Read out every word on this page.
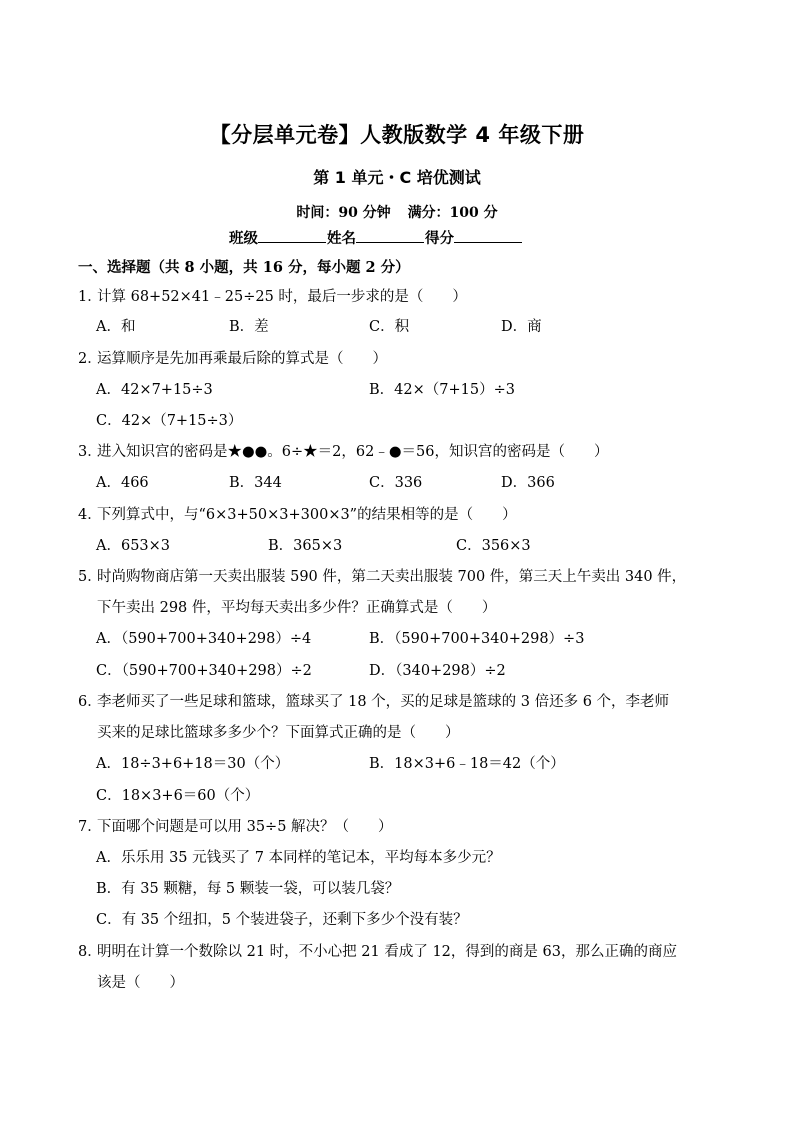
【分层单元卷】人教版数学 4 年级下册
第 1 单元・C 培优测试
时间：90 分钟 满分：100 分
班级	姓名	得分
一、选择题（共 8 小题，共 16 分，每小题 2 分）
1．计算 68+52×41﹣25÷25 时，最后一步求的是（　　）
A．和	B．差	C．积	D．商
2．运算顺序是先加再乘最后除的算式是（　　）
A．42×7+15÷3	B．42×（7+15）÷3
C．42×（7+15÷3）
3．进入知识宫的密码是★●●。6÷★＝2，62﹣●＝56，知识宫的密码是（　　）
A．466	B．344	C．336	D．366
4．下列算式中，与“6×3+50×3+300×3”的结果相等的是（　　）
A．653×3	B．365×3	C．356×3
5．时尚购物商店第一天卖出服装 590 件，第二天卖出服装 700 件，第三天上午卖出 340 件，
下午卖出 298 件，平均每天卖出多少件？正确算式是（　　）
A．（590+700+340+298）÷4	B．（590+700+340+298）÷3
C．（590+700+340+298）÷2	D．（340+298）÷2
6．李老师买了一些足球和篮球，篮球买了 18 个，买的足球是篮球的 3 倍还多 6 个，李老师
买来的足球比篮球多多少个？下面算式正确的是（　　）
A．18÷3+6+18＝30（个）	B．18×3+6﹣18＝42（个）
C．18×3+6＝60（个）
7．下面哪个问题是可以用 35÷5 解决？（　　）
A．乐乐用 35 元钱买了 7 本同样的笔记本，平均每本多少元？
B．有 35 颗糖，每 5 颗装一袋，可以装几袋？
C．有 35 个纽扣，5 个装进袋子，还剩下多少个没有装？
8．明明在计算一个数除以 21 时，不小心把 21 看成了 12，得到的商是 63，那么正确的商应
该是（　　）
